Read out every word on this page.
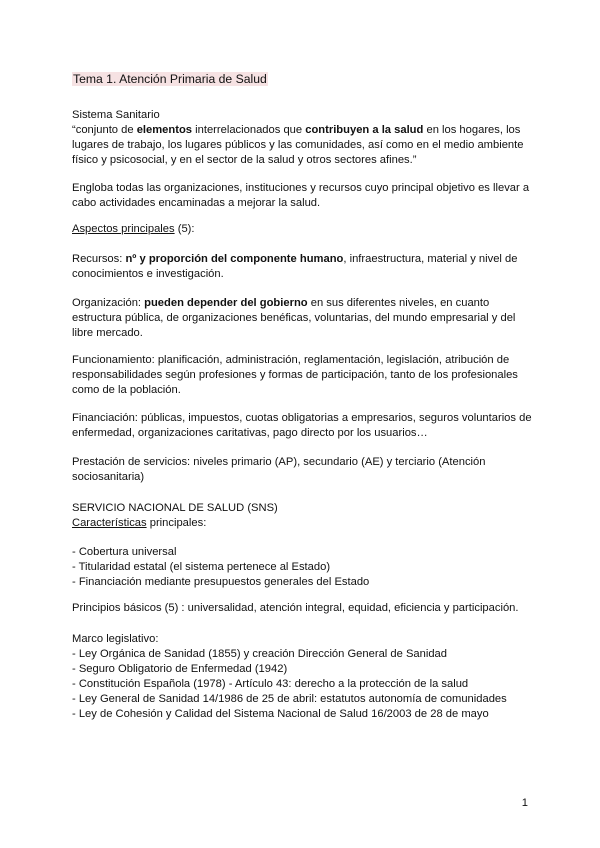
Tema 1. Atención Primaria de Salud
Sistema Sanitario
“conjunto de elementos interrelacionados que contribuyen a la salud en los hogares, los lugares de trabajo, los lugares públicos y las comunidades, así como en el medio ambiente físico y psicosocial, y en el sector de la salud y otros sectores afines.”
Engloba todas las organizaciones, instituciones y recursos cuyo principal objetivo es llevar a cabo actividades encaminadas a mejorar la salud.
Aspectos principales (5):
Recursos: nº y proporción del componente humano, infraestructura, material y nivel de conocimientos e investigación.
Organización: pueden depender del gobierno en sus diferentes niveles, en cuanto estructura pública, de organizaciones benéficas, voluntarias, del mundo empresarial y del libre mercado.
Funcionamiento: planificación, administración, reglamentación, legislación, atribución de responsabilidades según profesiones y formas de participación, tanto de los profesionales como de la población.
Financiación: públicas, impuestos, cuotas obligatorias a empresarios, seguros voluntarios de enfermedad, organizaciones caritativas, pago directo por los usuarios…
Prestación de servicios: niveles primario (AP), secundario (AE) y terciario (Atención sociosanitaria)
SERVICIO NACIONAL DE SALUD (SNS)
Características principales:
- Cobertura universal
- Titularidad estatal (el sistema pertenece al Estado)
- Financiación mediante presupuestos generales del Estado
Principios básicos (5) : universalidad, atención integral, equidad, eficiencia y participación.
Marco legislativo:
- Ley Orgánica de Sanidad (1855) y creación Dirección General de Sanidad
- Seguro Obligatorio de Enfermedad (1942)
- Constitución Española (1978) - Artículo 43: derecho a la protección de la salud
- Ley General de Sanidad 14/1986 de 25 de abril: estatutos autonomía de comunidades
- Ley de Cohesión y Calidad del Sistema Nacional de Salud 16/2003 de 28 de mayo
1
